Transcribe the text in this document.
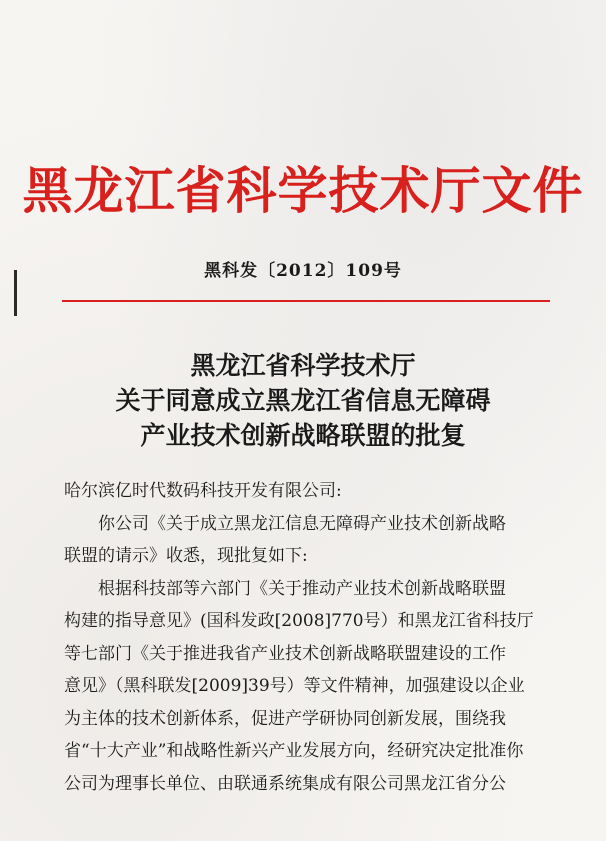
黑龙江省科学技术厅文件
黑科发〔2012〕109号
黑龙江省科学技术厅
关于同意成立黑龙江省信息无障碍
产业技术创新战略联盟的批复

哈尔滨亿时代数码科技开发有限公司:

你公司《关于成立黑龙江信息无障碍产业技术创新战略
联盟的请示》收悉，现批复如下:

根据科技部等六部门《关于推动产业技术创新战略联盟
构建的指导意见》(国科发政[2008]770号）和黑龙江省科技厅
等七部门《关于推进我省产业技术创新战略联盟建设的工作
意见》（黑科联发[2009]39号）等文件精神，加强建设以企业
为主体的技术创新体系，促进产学研协同创新发展，围绕我
省“十大产业”和战略性新兴产业发展方向，经研究决定批准你
公司为理事长单位、由联通系统集成有限公司黑龙江省分公
